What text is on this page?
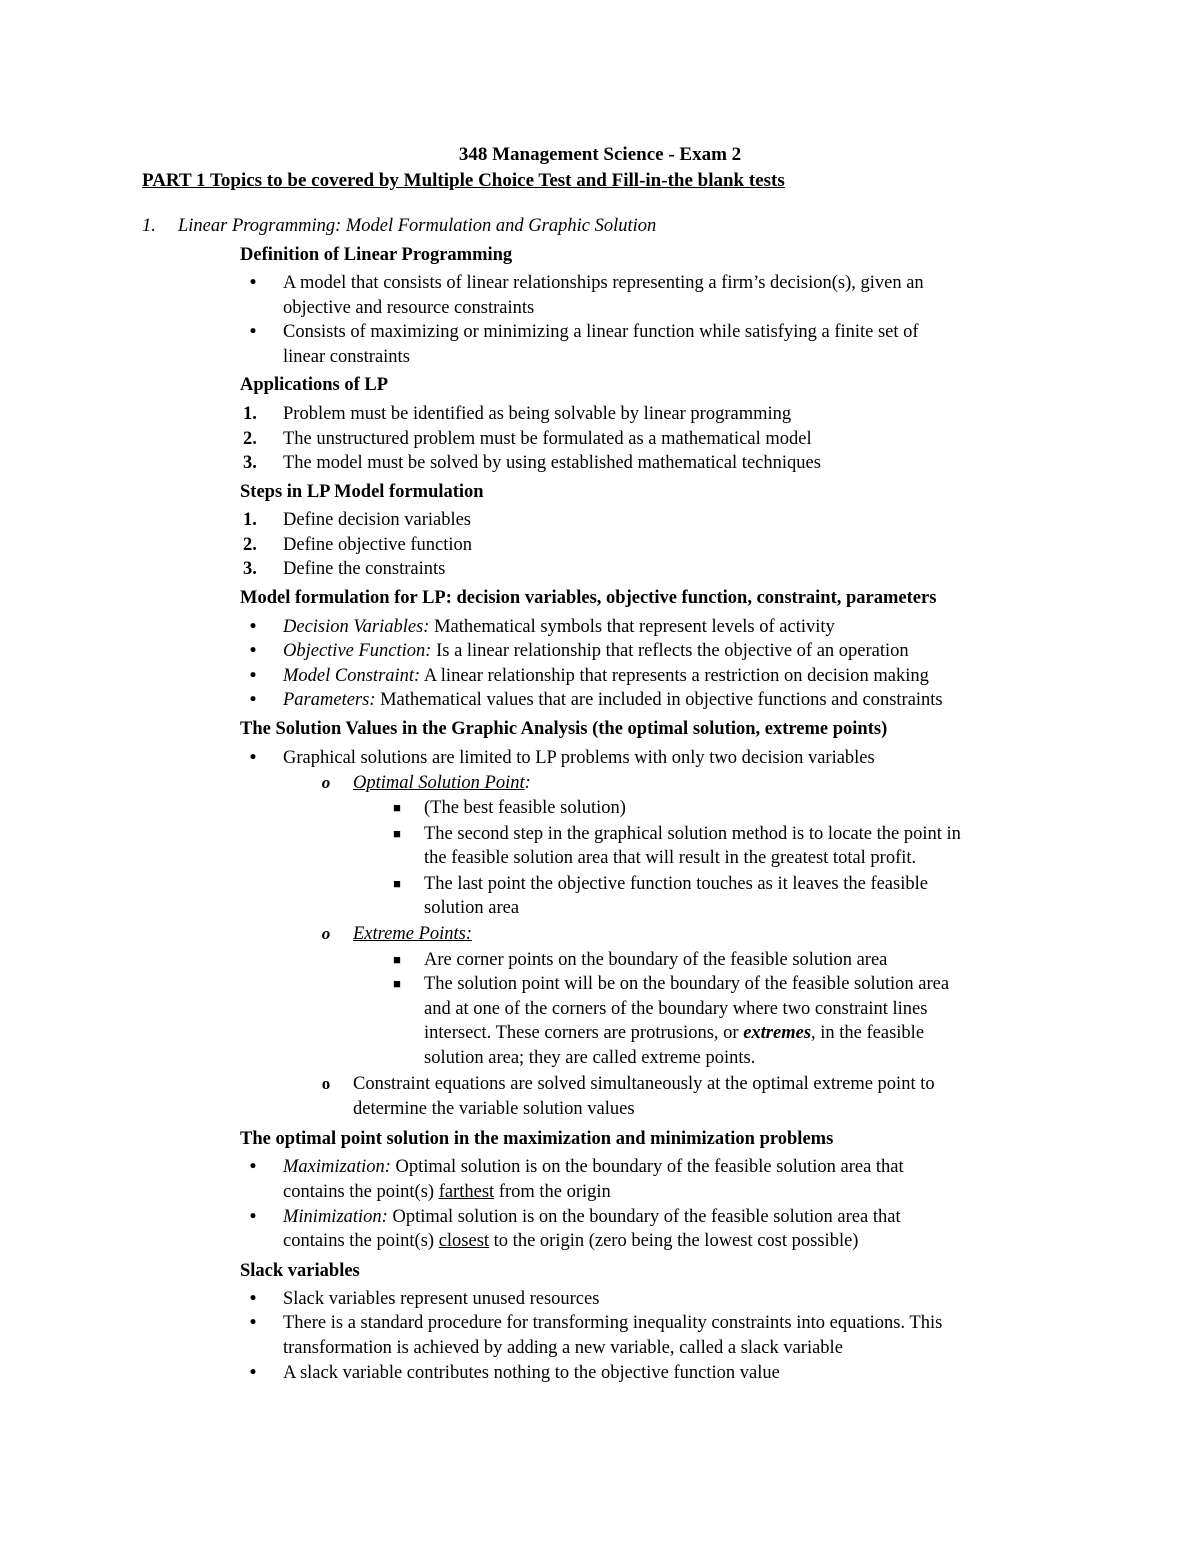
348 Management Science - Exam 2
PART 1 Topics to be covered by Multiple Choice Test and Fill-in-the blank tests
1. Linear Programming: Model Formulation and Graphic Solution
Definition of Linear Programming
•
A model that consists of linear relationships representing a firm’s decision(s), given an
objective and resource constraints
•
Consists of maximizing or minimizing a linear function while satisfying a finite set of
linear constraints
Applications of LP
1.	Problem must be identified as being solvable by linear programming
2.	The unstructured problem must be formulated as a mathematical model
3.	The model must be solved by using established mathematical techniques
Steps in LP Model formulation
1.	Define decision variables
2.	Define objective function
3.	Define the constraints
Model formulation for LP: decision variables, objective function, constraint, parameters
•
Decision Variables: Mathematical symbols that represent levels of activity
•
Objective Function: Is a linear relationship that reflects the objective of an operation
•
Model Constraint: A linear relationship that represents a restriction on decision making
•
Parameters: Mathematical values that are included in objective functions and constraints
The Solution Values in the Graphic Analysis (the optimal solution, extreme points)
•
Graphical solutions are limited to LP problems with only two decision variables
o	Optimal Solution Point:
■	(The best feasible solution)
■	The second step in the graphical solution method is to locate the point in
the feasible solution area that will result in the greatest total profit.
■	The last point the objective function touches as it leaves the feasible
solution area
o	Extreme Points:
■	Are corner points on the boundary of the feasible solution area
■	The solution point will be on the boundary of the feasible solution area
and at one of the corners of the boundary where two constraint lines
intersect. These corners are protrusions, or extremes, in the feasible
solution area; they are called extreme points.
o	Constraint equations are solved simultaneously at the optimal extreme point to
determine the variable solution values
The optimal point solution in the maximization and minimization problems
•
Maximization: Optimal solution is on the boundary of the feasible solution area that
contains the point(s) farthest from the origin
•
Minimization: Optimal solution is on the boundary of the feasible solution area that
contains the point(s) closest to the origin (zero being the lowest cost possible)
Slack variables
•
Slack variables represent unused resources
•
There is a standard procedure for transforming inequality constraints into equations. This
transformation is achieved by adding a new variable, called a slack variable
•
A slack variable contributes nothing to the objective function value
